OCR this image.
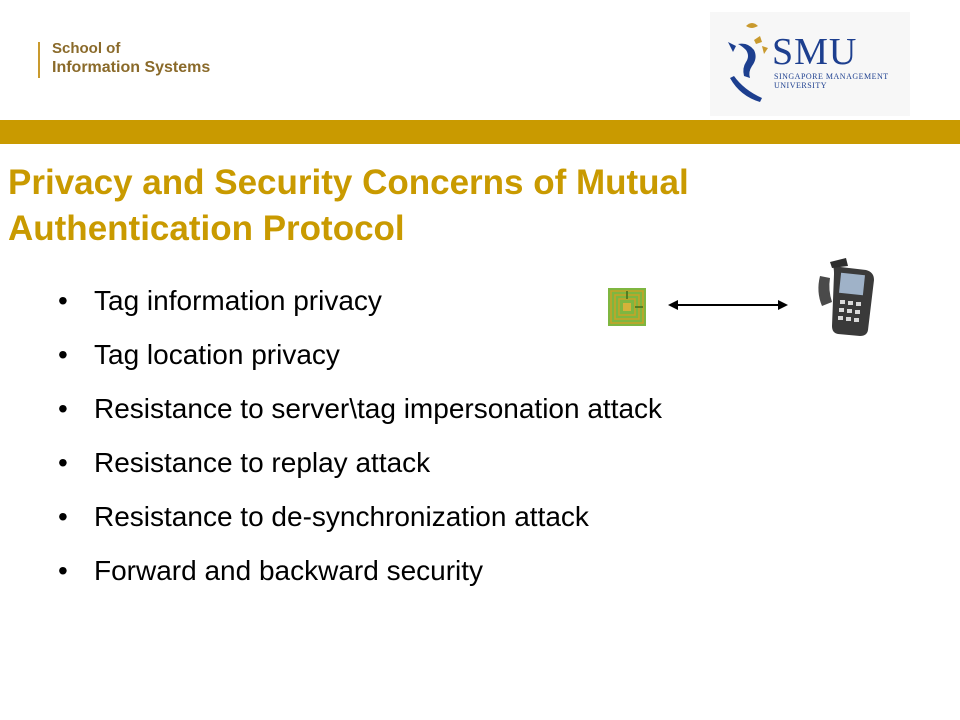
School of
Information Systems	SMU
SINGAPORE MANAGEMENT
UNIVERSITY
Privacy and Security Concerns of Mutual
Authentication Protocol
• Tag information privacy
• Tag location privacy
• Resistance to server\tag impersonation attack
• Resistance to replay attack
• Resistance to de-synchronization attack
• Forward and backward security
